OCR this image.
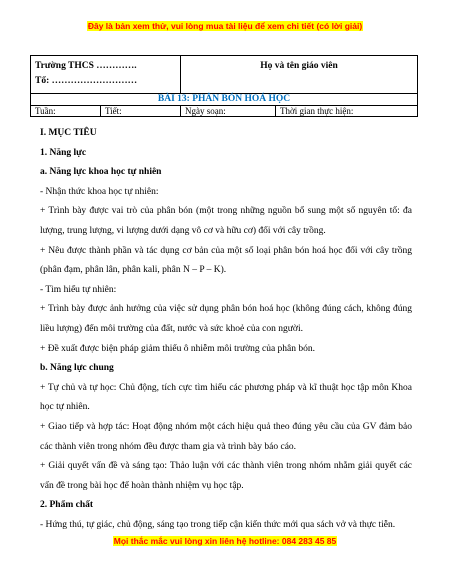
Đây là bản xem thử, vui lòng mua tài liệu để xem chi tiết (có lời giải)
Trường THCS ………….
Tổ: ………………………		Họ và tên giáo viên	
BÀI 13: PHÂN BÓN HOÁ HỌC			
Tuần:	Tiết:	Ngày soạn:	Thời gian thực hiện:

I. MỤC TIÊU

1. Năng lực

a. Năng lực khoa học tự nhiên

- Nhận thức khoa học tự nhiên:

+ Trình bày được vai trò của phân bón (một trong những nguồn bổ sung một số nguyên tố: đa lượng, trung lượng, vi lượng dưới dạng vô cơ và hữu cơ) đối với cây trồng.

+ Nêu được thành phần và tác dụng cơ bản của một số loại phân bón hoá học đối với cây trồng (phân đạm, phân lân, phân kali, phân N – P – K).

- Tìm hiểu tự nhiên:

+ Trình bày được ảnh hưởng của việc sử dụng phân bón hoá học (không đúng cách, không đúng liều lượng) đến môi trường của đất, nước và sức khoẻ của con người.

+ Đề xuất được biện pháp giảm thiểu ô nhiễm môi trường của phân bón.

b. Năng lực chung

+ Tự chủ và tự học: Chủ động, tích cực tìm hiểu các phương pháp và kĩ thuật học tập môn Khoa học tự nhiên.

+ Giao tiếp và hợp tác: Hoạt động nhóm một cách hiệu quả theo đúng yêu cầu của GV đảm bảo các thành viên trong nhóm đều được tham gia và trình bày báo cáo.

+ Giải quyết vấn đề và sáng tạo: Thảo luận với các thành viên trong nhóm nhằm giải quyết các vấn đề trong bài học để hoàn thành nhiệm vụ học tập.

2. Phẩm chất

- Hứng thú, tự giác, chủ động, sáng tạo trong tiếp cận kiến thức mới qua sách vở và thực tiễn.

Mọi thắc mắc vui lòng xin liên hệ hotline: 084 283 45 85
